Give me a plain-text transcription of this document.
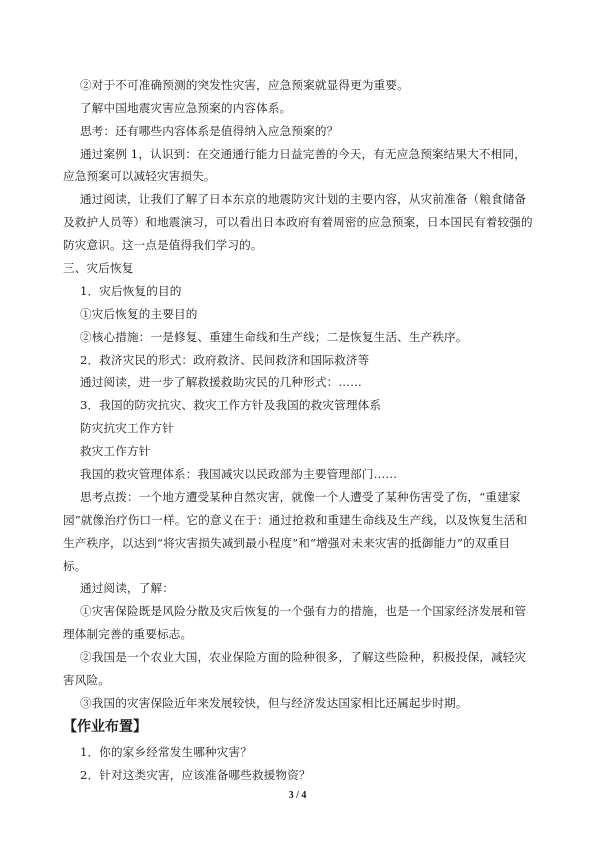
②对于不可准确预测的突发性灾害，应急预案就显得更为重要。
了解中国地震灾害应急预案的内容体系。
思考：还有哪些内容体系是值得纳入应急预案的？
通过案例 1，认识到：在交通通行能力日益完善的今天，有无应急预案结果大不相同，
应急预案可以减轻灾害损失。
通过阅读，让我们了解了日本东京的地震防灾计划的主要内容，从灾前准备（粮食储备
及救护人员等）和地震演习，可以看出日本政府有着周密的应急预案，日本国民有着较强的
防灾意识。这一点是值得我们学习的。
三、灾后恢复
1．灾后恢复的目的
①灾后恢复的主要目的
②核心措施：一是修复、重建生命线和生产线；二是恢复生活、生产秩序。
2．救济灾民的形式：政府救济、民间救济和国际救济等
通过阅读，进一步了解救援救助灾民的几种形式：……
3．我国的防灾抗灾、救灾工作方针及我国的救灾管理体系
防灾抗灾工作方针
救灾工作方针
我国的救灾管理体系：我国减灾以民政部为主要管理部门……
思考点拨：一个地方遭受某种自然灾害，就像一个人遭受了某种伤害受了伤，“重建家
园”就像治疗伤口一样。它的意义在于：通过抢救和重建生命线及生产线，以及恢复生活和
生产秩序，以达到“将灾害损失减到最小程度”和“增强对未来灾害的抵御能力”的双重目
标。
通过阅读，了解：
①灾害保险既是风险分散及灾后恢复的一个强有力的措施，也是一个国家经济发展和管
理体制完善的重要标志。
②我国是一个农业大国，农业保险方面的险种很多，了解这些险种，积极投保，减轻灾
害风险。
③我国的灾害保险近年来发展较快，但与经济发达国家相比还属起步时期。
【作业布置】
1．你的家乡经常发生哪种灾害？
2．针对这类灾害，应该准备哪些救援物资？
3 / 4
